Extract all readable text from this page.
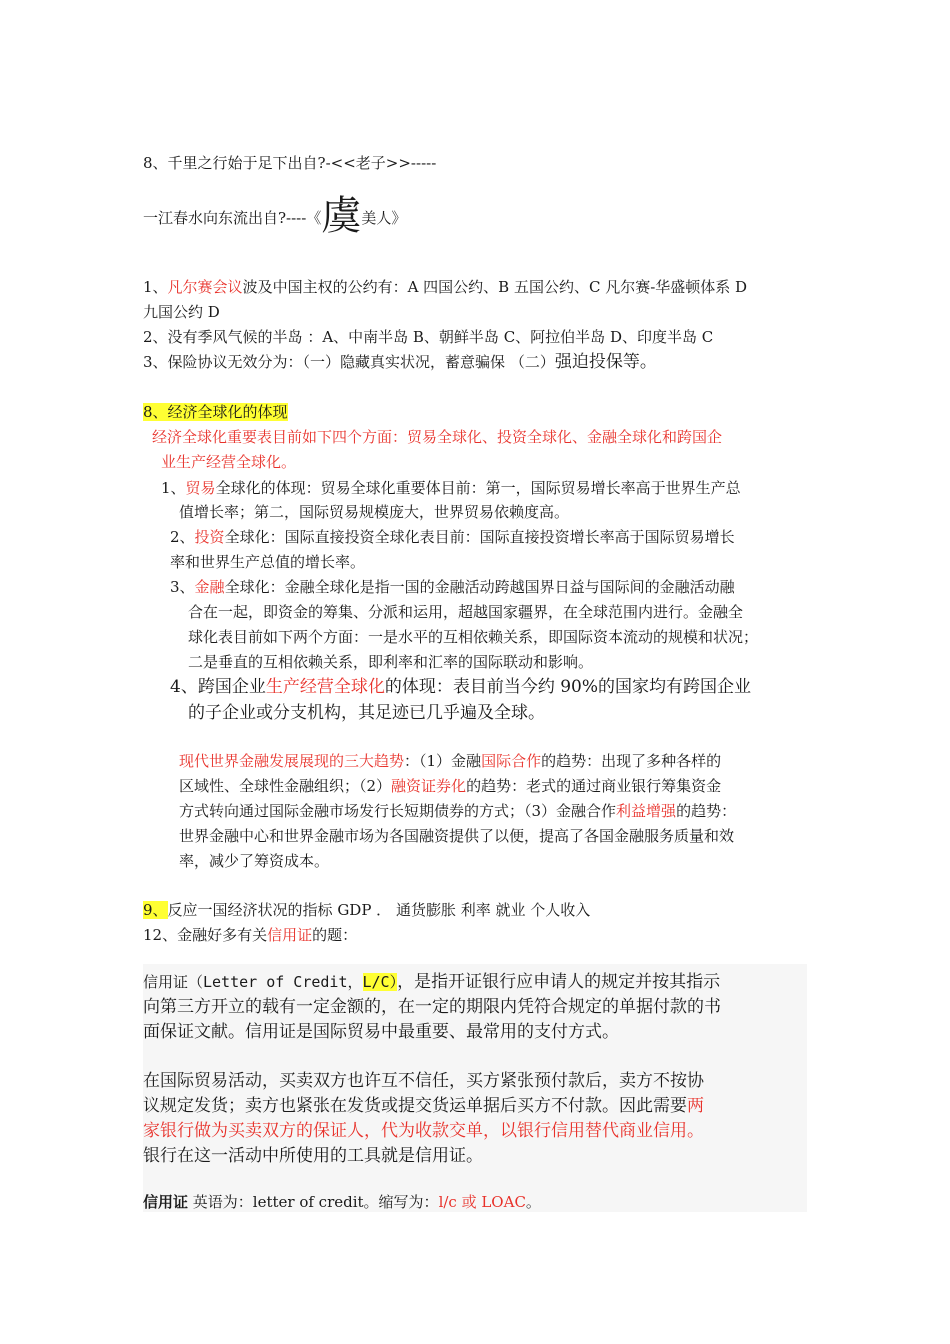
8、千里之行始于足下出自?-<<老子>>-----
一江春水向东流出自?----《虞美人》
1、凡尔赛会议波及中国主权的公约有：A 四国公约、B 五国公约、C 凡尔赛-华盛顿体系 D
九国公约 D
2、没有季风气候的半岛 ：A、中南半岛 B、朝鲜半岛 C、阿拉伯半岛 D、印度半岛 C
3、保险协议无效分为：（一）隐藏真实状况，蓄意骗保 （二）强迫投保等。
8、经济全球化的体现
经济全球化重要表目前如下四个方面：贸易全球化、投资全球化、金融全球化和跨国企
业生产经营全球化。
1、贸易全球化的体现：贸易全球化重要体目前：第一，国际贸易增长率高于世界生产总
值增长率；第二，国际贸易规模庞大，世界贸易依赖度高。
2、投资全球化：国际直接投资全球化表目前：国际直接投资增长率高于国际贸易增长
率和世界生产总值的增长率。
3、金融全球化：金融全球化是指一国的金融活动跨越国界日益与国际间的金融活动融
合在一起，即资金的筹集、分派和运用，超越国家疆界，在全球范围内进行。金融全
球化表目前如下两个方面：一是水平的互相依赖关系，即国际资本流动的规模和状况；
二是垂直的互相依赖关系，即利率和汇率的国际联动和影响。
4、跨国企业生产经营全球化的体现：表目前当今约 90%的国家均有跨国企业
的子企业或分支机构，其足迹已几乎遍及全球。
现代世界金融发展展现的三大趋势：（1）金融国际合作的趋势：出现了多种各样的
区域性、全球性金融组织；（2）融资证券化的趋势：老式的通过商业银行筹集资金
方式转向通过国际金融市场发行长短期债券的方式；（3）金融合作利益增强的趋势：
世界金融中心和世界金融市场为各国融资提供了以便，提高了各国金融服务质量和效
率，减少了筹资成本。
9、反应一国经济状况的指标 GDP ． 通货膨胀 利率 就业 个人收入
12、金融好多有关信用证的题：
信用证（Letter of Credit，L/C），是指开证银行应申请人的规定并按其指示
向第三方开立的载有一定金额的，在一定的期限内凭符合规定的单据付款的书
面保证文献。信用证是国际贸易中最重要、最常用的支付方式。
在国际贸易活动，买卖双方也许互不信任，买方紧张预付款后，卖方不按协
议规定发货；卖方也紧张在发货或提交货运单据后买方不付款。因此需要两
家银行做为买卖双方的保证人，代为收款交单，以银行信用替代商业信用。
银行在这一活动中所使用的工具就是信用证。
信用证 英语为：letter of credit。缩写为：l/c 或 LOAC。
